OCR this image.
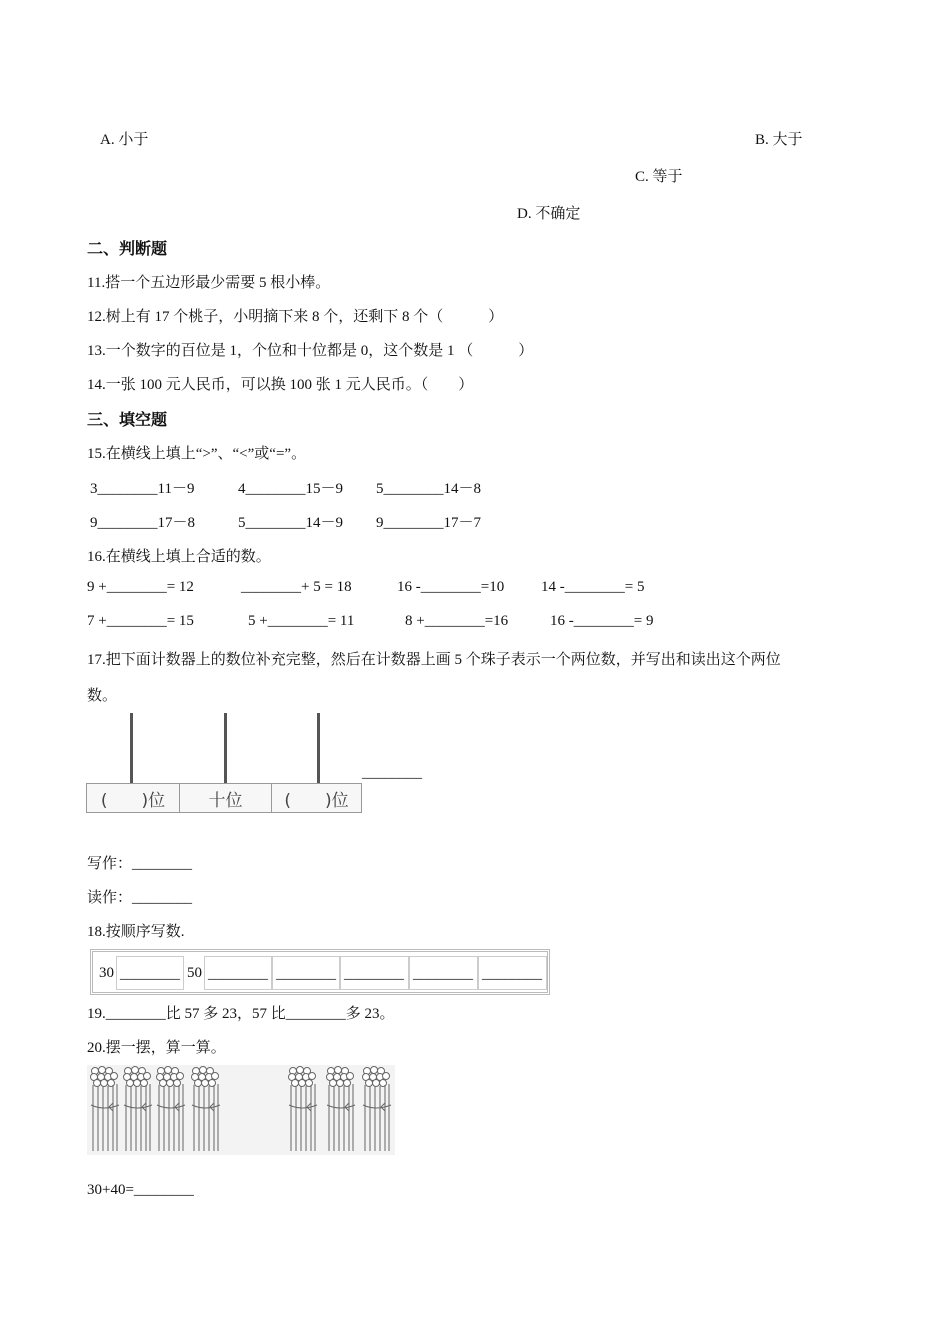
A. 小于	B. 大于
C. 等于
D. 不确定
二、判断题
11.搭一个五边形最少需要 5 根小棒。
12.树上有 17 个桃子，小明摘下来 8 个，还剩下 8 个（　　　）
13.一个数字的百位是 1，个位和十位都是 0，这个数是 1 （　　　）
14.一张 100 元人民币，可以换 100 张 1 元人民币。（　　）
三、填空题
15.在横线上填上“>”、“<”或“=”。
3________11－9	4________15－9 5________14－8
9________17－8	5________14－9 9________17－7
16.在横线上填上合适的数。
9 +________= 12	________+ 5 = 18	16 -________=10 14 -________= 5
7 +________= 15	5 +________= 11	8 +________=16	16 -________= 9
17.把下面计数器上的数位补充完整，然后在计数器上画 5 个珠子表示一个两位数，并写出和读出这个两位
数。
(　　)位	十位	(　　)位
________
写作：________
读作：________
18.按顺序写数.
30 ________ 50 ________ ________ ________ ________ ________
19.________比 57 多 23，57 比________多 23。
20.摆一摆，算一算。
30+40=________
